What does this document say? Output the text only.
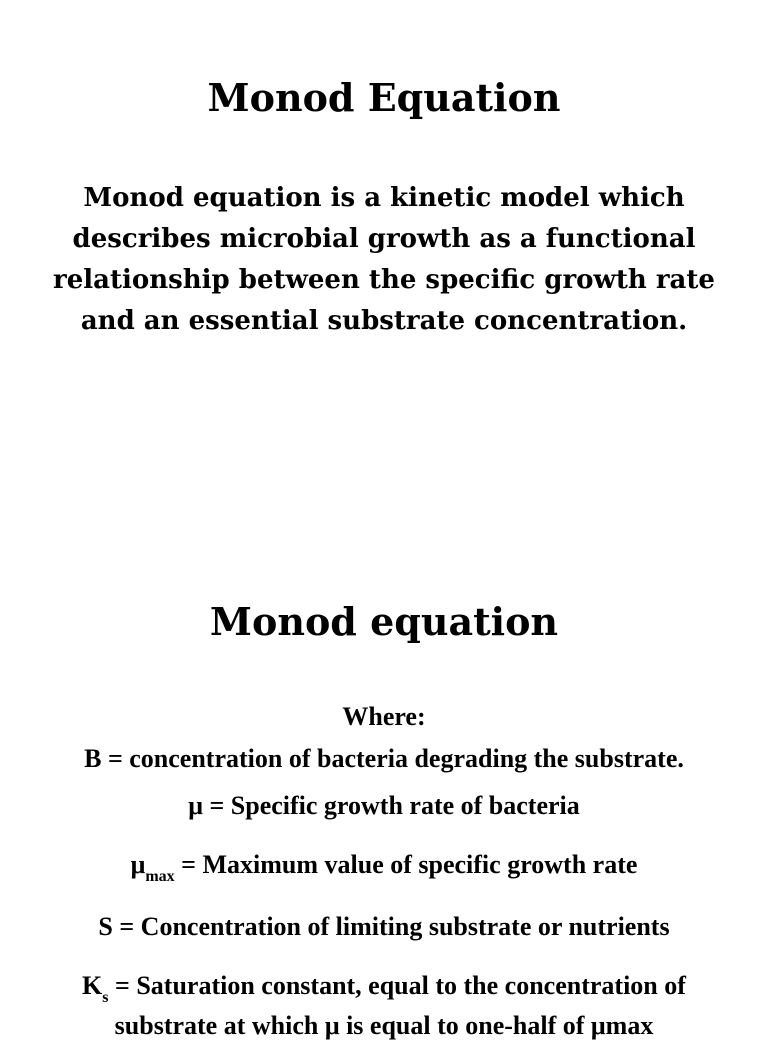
Monod Equation

Monod equation is a kinetic model which describes microbial growth as a functional relationship between the specific growth rate and an essential substrate concentration.

Monod equation
Where:
B = concentration of bacteria degrading the substrate.
μ = Specific growth rate of bacteria
$\mu_{max}$ = Maximum value of specific growth rate
S = Concentration of limiting substrate or nutrients
$K_s$ = Saturation constant, equal to the concentration of
substrate at which μ is equal to one-half of μmax
